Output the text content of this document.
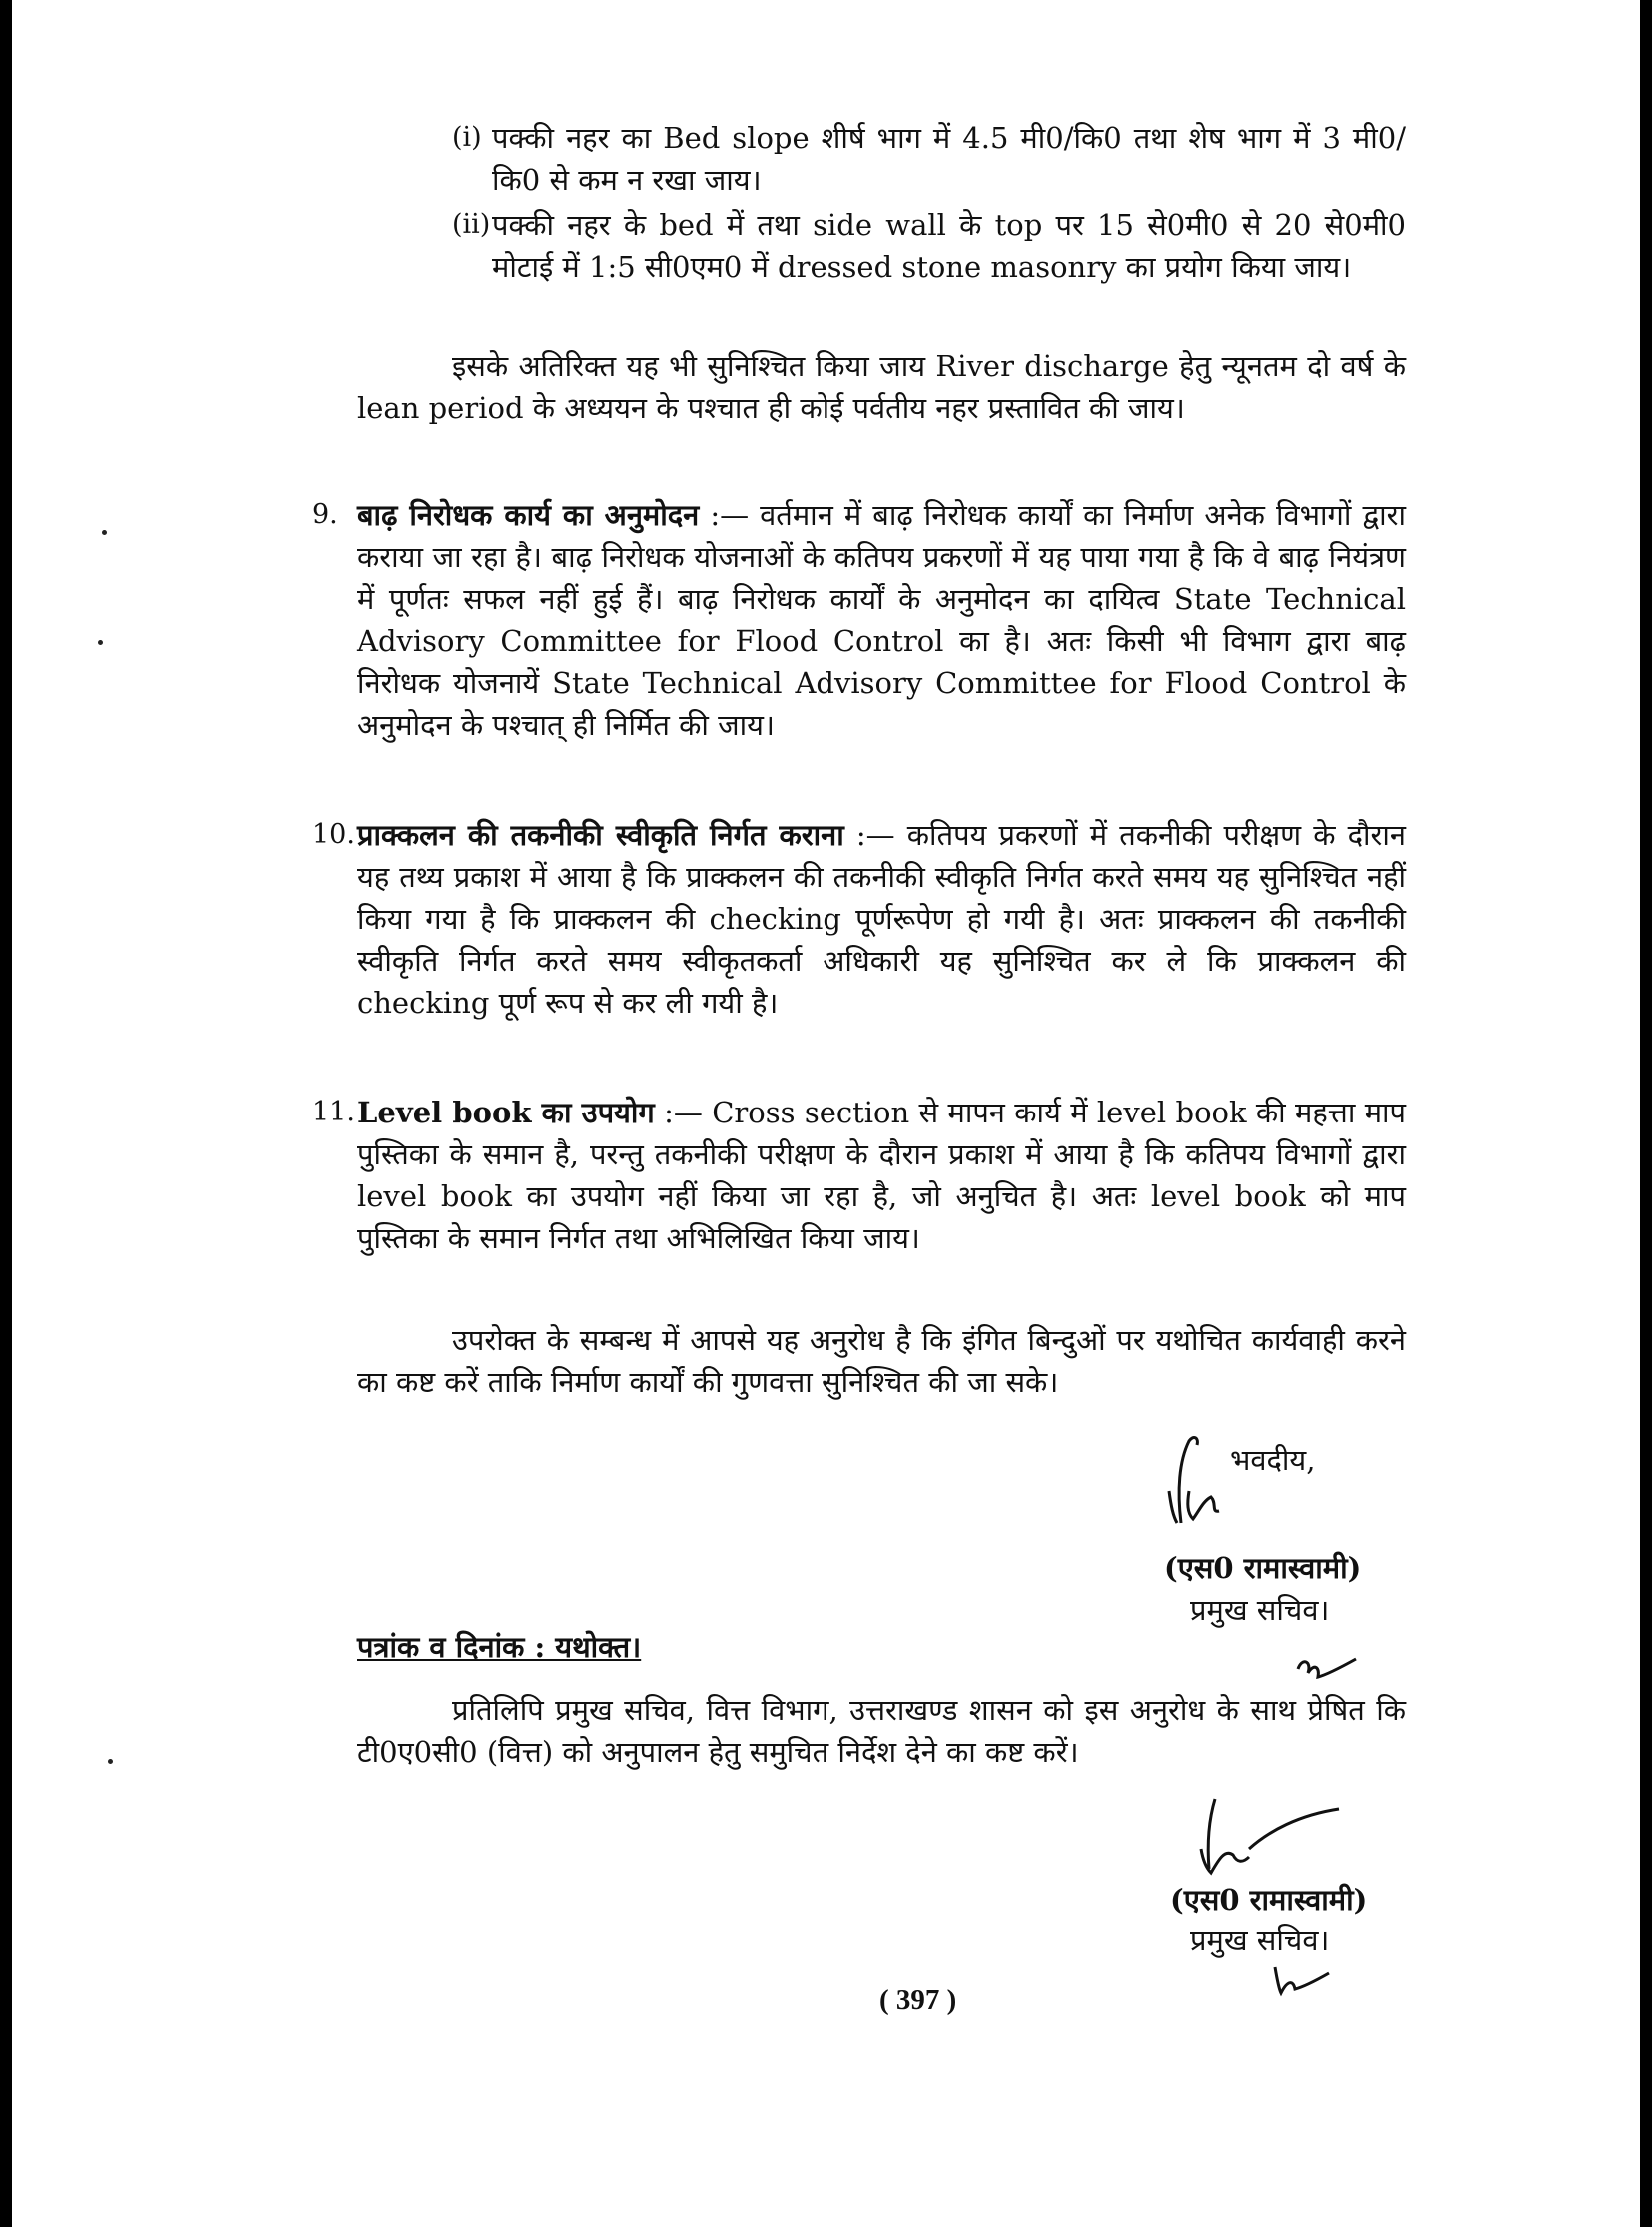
(i) पक्की नहर का Bed slope शीर्ष भाग में 4.5 मी0/कि0 तथा शेष भाग में 3 मी0/कि0 से कम न रखा जाय।
(ii) पक्की नहर के bed में तथा side wall के top पर 15 से0मी0 से 20 से0मी0 मोटाई में 1:5 सी0एम0 में dressed stone masonry का प्रयोग किया जाय।
इसके अतिरिक्त यह भी सुनिश्चित किया जाय River discharge हेतु न्यूनतम दो वर्ष के lean period के अध्ययन के पश्चात ही कोई पर्वतीय नहर प्रस्तावित की जाय।
9. बाढ़ निरोधक कार्य का अनुमोदन :— वर्तमान में बाढ़ निरोधक कार्यों का निर्माण अनेक विभागों द्वारा कराया जा रहा है। बाढ़ निरोधक योजनाओं के कतिपय प्रकरणों में यह पाया गया है कि वे बाढ़ नियंत्रण में पूर्णतः सफल नहीं हुई हैं। बाढ़ निरोधक कार्यों के अनुमोदन का दायित्व State Technical Advisory Committee for Flood Control का है। अतः किसी भी विभाग द्वारा बाढ़ निरोधक योजनायें State Technical Advisory Committee for Flood Control के अनुमोदन के पश्चात् ही निर्मित की जाय।
10. प्राक्कलन की तकनीकी स्वीकृति निर्गत कराना :— कतिपय प्रकरणों में तकनीकी परीक्षण के दौरान यह तथ्य प्रकाश में आया है कि प्राक्कलन की तकनीकी स्वीकृति निर्गत करते समय यह सुनिश्चित नहीं किया गया है कि प्राक्कलन की checking पूर्णरूपेण हो गयी है। अतः प्राक्कलन की तकनीकी स्वीकृति निर्गत करते समय स्वीकृतकर्ता अधिकारी यह सुनिश्चित कर ले कि प्राक्कलन की checking पूर्ण रूप से कर ली गयी है।
11. Level book का उपयोग :— Cross section से मापन कार्य में level book की महत्ता माप पुस्तिका के समान है, परन्तु तकनीकी परीक्षण के दौरान प्रकाश में आया है कि कतिपय विभागों द्वारा level book का उपयोग नहीं किया जा रहा है, जो अनुचित है। अतः level book को माप पुस्तिका के समान निर्गत तथा अभिलिखित किया जाय।
उपरोक्त के सम्बन्ध में आपसे यह अनुरोध है कि इंगित बिन्दुओं पर यथोचित कार्यवाही करने का कष्ट करें ताकि निर्माण कार्यों की गुणवत्ता सुनिश्चित की जा सके।
भवदीय,
(एस0 रामास्वामी)
प्रमुख सचिव।
पत्रांक व दिनांक : यथोक्त।
प्रतिलिपि प्रमुख सचिव, वित्त विभाग, उत्तराखण्ड शासन को इस अनुरोध के साथ प्रेषित कि टी0ए0सी0 (वित्त) को अनुपालन हेतु समुचित निर्देश देने का कष्ट करें।
(एस0 रामास्वामी)
प्रमुख सचिव।
( 397 )
